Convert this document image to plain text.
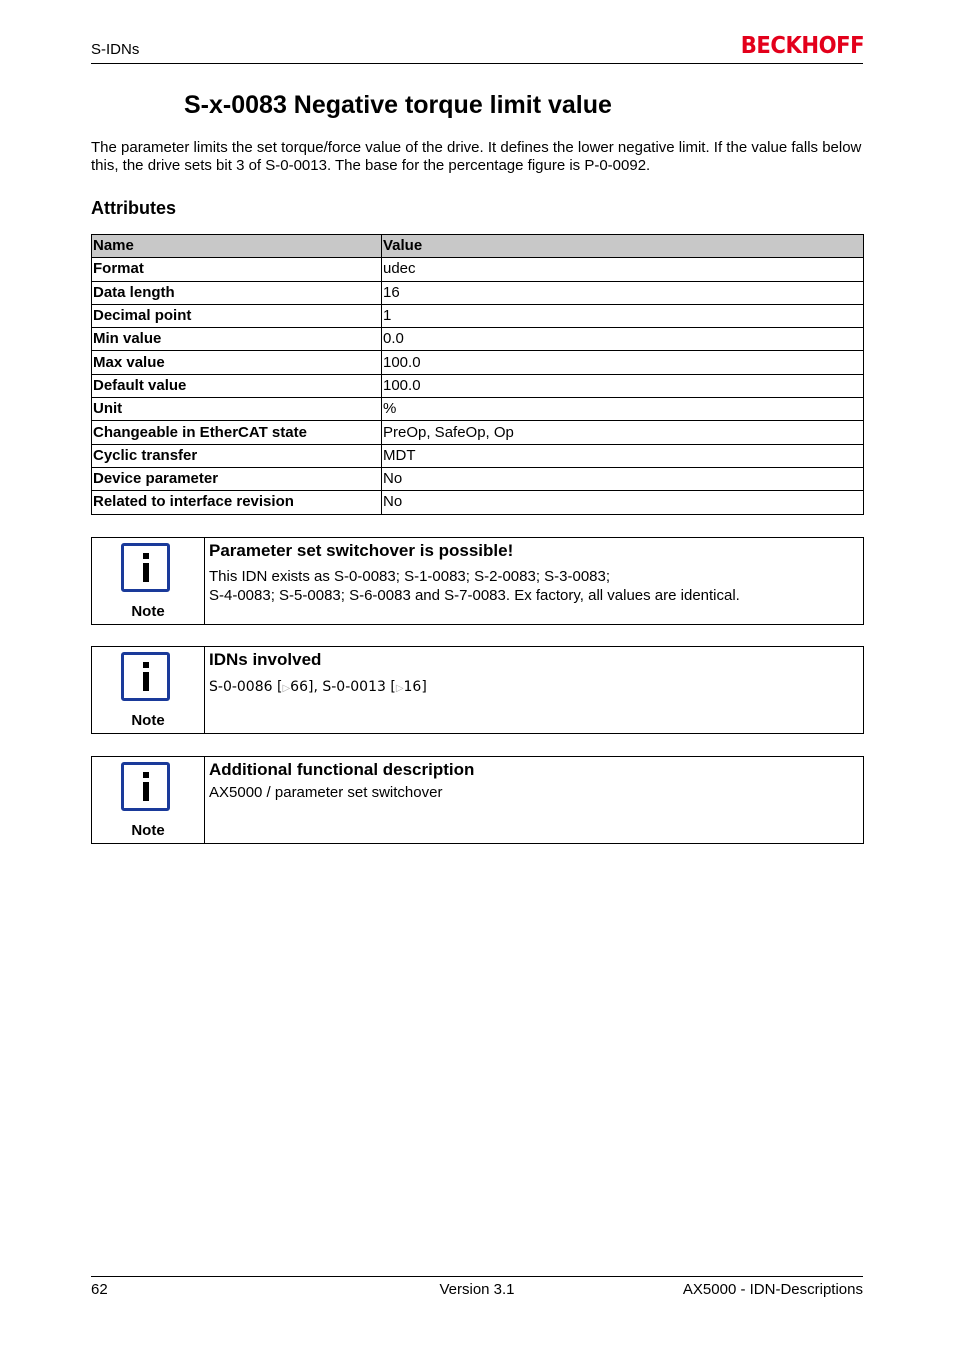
S-IDNs	BECKHOFF
S-x-0083 Negative torque limit value

The parameter limits the set torque/force value of the drive. It defines the lower negative limit. If the value falls below this, the drive sets bit 3 of S-0-0013. The base for the percentage figure is P-0-0092.

Attributes
Name	Value
Format	udec
Data length	16
Decimal point	1
Min value	0.0
Max value	100.0
Default value	100.0
Unit	%
Changeable in EtherCAT state	PreOp, SafeOp, Op
Cyclic transfer	MDT
Device parameter	No
Related to interface revision	No
Note

Parameter set switchover is possible!

This IDN exists as S-0-0083; S-1-0083; S-2-0083; S-3-0083;
S-4-0083; S-5-0083; S-6-0083 and S-7-0083. Ex factory, all values are identical.

Note

IDNs involved

S-0-0086 [▷66], S-0-0013 [▷16]

Note

Additional functional description

AX5000 / parameter set switchover

62	Version 3.1	AX5000 - IDN-Descriptions
